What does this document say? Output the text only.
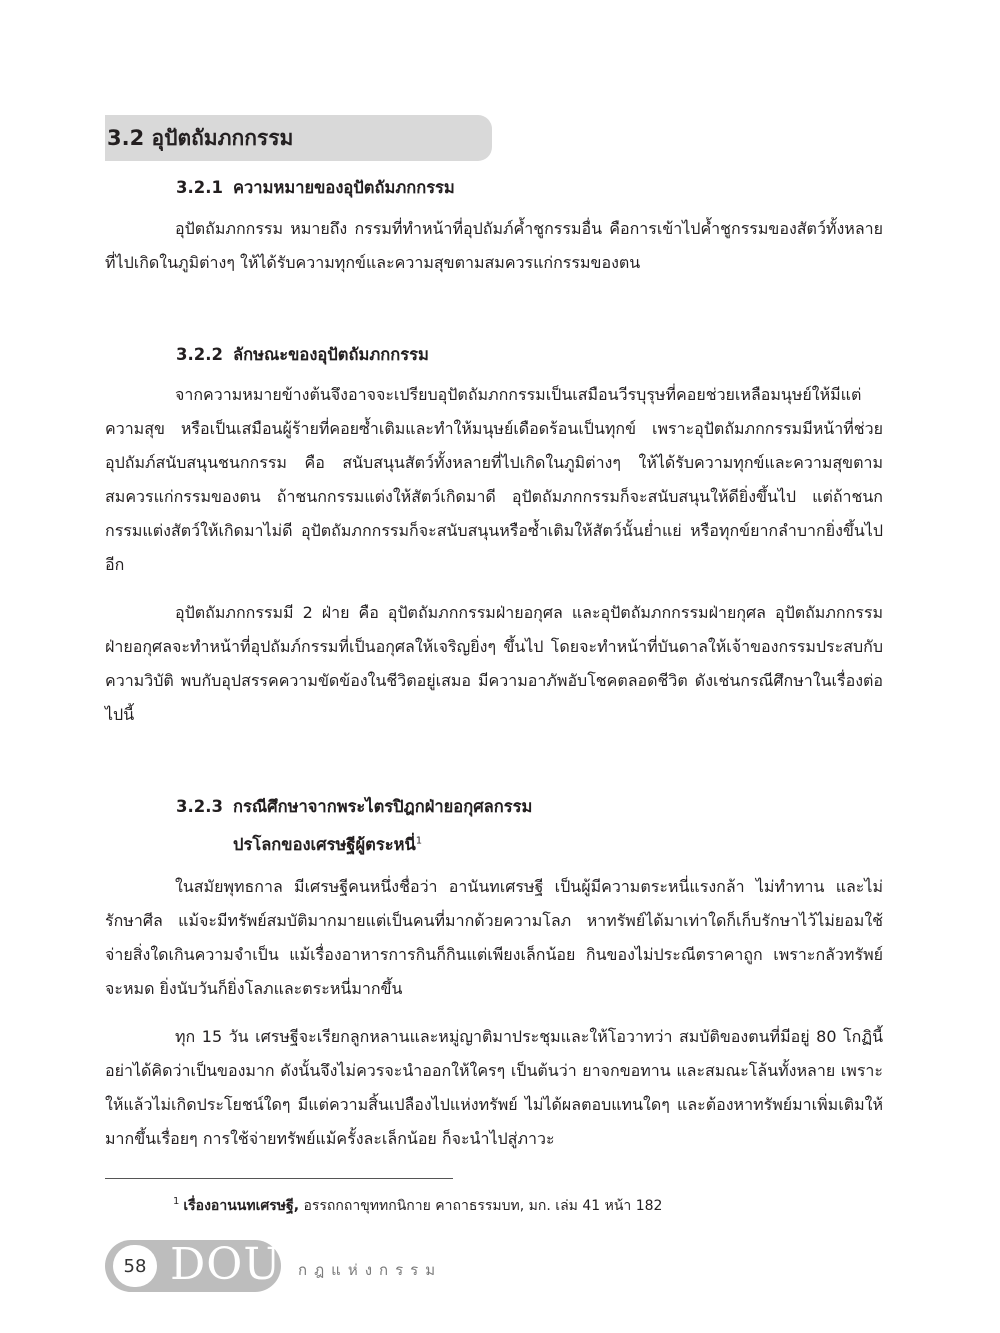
3.2 อุปัตถัมภกกรรม
3.2.1 ความหมายของอุปัตถัมภกกรรม

อุปัตถัมภกกรรม หมายถึง กรรมที่ทำหน้าที่อุปถัมภ์ค้ำชูกรรมอื่น คือการเข้าไปค้ำชูกรรมของสัตว์ทั้งหลายที่ไปเกิดในภูมิต่างๆ ให้ได้รับความทุกข์และความสุขตามสมควรแก่กรรมของตน

3.2.2 ลักษณะของอุปัตถัมภกกรรม

จากความหมายข้างต้นจึงอาจจะเปรียบอุปัตถัมภกกรรมเป็นเสมือนวีรบุรุษที่คอยช่วยเหลือมนุษย์ให้มีแต่ความสุข หรือเป็นเสมือนผู้ร้ายที่คอยซ้ำเติมและทำให้มนุษย์เดือดร้อนเป็นทุกข์ เพราะอุปัตถัมภกกรรมมีหน้าที่ช่วยอุปถัมภ์สนับสนุนชนกกรรม คือ สนับสนุนสัตว์ทั้งหลายที่ไปเกิดในภูมิต่างๆ ให้ได้รับความทุกข์และความสุขตามสมควรแก่กรรมของตน ถ้าชนกกรรมแต่งให้สัตว์เกิดมาดี อุปัตถัมภกกรรมก็จะสนับสนุนให้ดียิ่งขึ้นไป แต่ถ้าชนกกรรมแต่งสัตว์ให้เกิดมาไม่ดี อุปัตถัมภกกรรมก็จะสนับสนุนหรือซ้ำเติมให้สัตว์นั้นย่ำแย่ หรือทุกข์ยากลำบากยิ่งขึ้นไปอีก

อุปัตถัมภกกรรมมี 2 ฝ่าย คือ อุปัตถัมภกกรรมฝ่ายอกุศล และอุปัตถัมภกกรรมฝ่ายกุศล อุปัตถัมภกกรรมฝ่ายอกุศลจะทำหน้าที่อุปถัมภ์กรรมที่เป็นอกุศลให้เจริญยิ่งๆ ขึ้นไป โดยจะทำหน้าที่บันดาลให้เจ้าของกรรมประสบกับความวิบัติ พบกับอุปสรรคความขัดข้องในชีวิตอยู่เสมอ มีความอาภัพอับโชคตลอดชีวิต ดังเช่นกรณีศึกษาในเรื่องต่อไปนี้

3.2.3 กรณีศึกษาจากพระไตรปิฎกฝ่ายอกุศลกรรม
ปรโลกของเศรษฐีผู้ตระหนี่$^1$

ในสมัยพุทธกาล มีเศรษฐีคนหนึ่งชื่อว่า อานันทเศรษฐี เป็นผู้มีความตระหนี่แรงกล้า ไม่ทำทาน และไม่รักษาศีล แม้จะมีทรัพย์สมบัติมากมายแต่เป็นคนที่มากด้วยความโลภ หาทรัพย์ได้มาเท่าใดก็เก็บรักษาไว้ไม่ยอมใช้จ่ายสิ่งใดเกินความจำเป็น แม้เรื่องอาหารการกินก็กินแต่เพียงเล็กน้อย กินของไม่ประณีตราคาถูก เพราะกลัวทรัพย์จะหมด ยิ่งนับวันก็ยิ่งโลภและตระหนี่มากขึ้น

ทุก 15 วัน เศรษฐีจะเรียกลูกหลานและหมู่ญาติมาประชุมและให้โอวาทว่า สมบัติของตนที่มีอยู่ 80 โกฏินี้ อย่าได้คิดว่าเป็นของมาก ดังนั้นจึงไม่ควรจะนำออกให้ใครๆ เป็นต้นว่า ยาจกขอทาน และสมณะโล้นทั้งหลาย เพราะให้แล้วไม่เกิดประโยชน์ใดๆ มีแต่ความสิ้นเปลืองไปแห่งทรัพย์ ไม่ได้ผลตอบแทนใดๆ และต้องหาทรัพย์มาเพิ่มเติมให้มากขึ้นเรื่อยๆ การใช้จ่ายทรัพย์แม้ครั้งละเล็กน้อย ก็จะนำไปสู่ภาวะ

$^1$ เรื่องอานนทเศรษฐี, อรรถกถาขุททกนิกาย คาถาธรรมบท, มก. เล่ม 41 หน้า 182
58 DOU กฎแห่งกรรม
